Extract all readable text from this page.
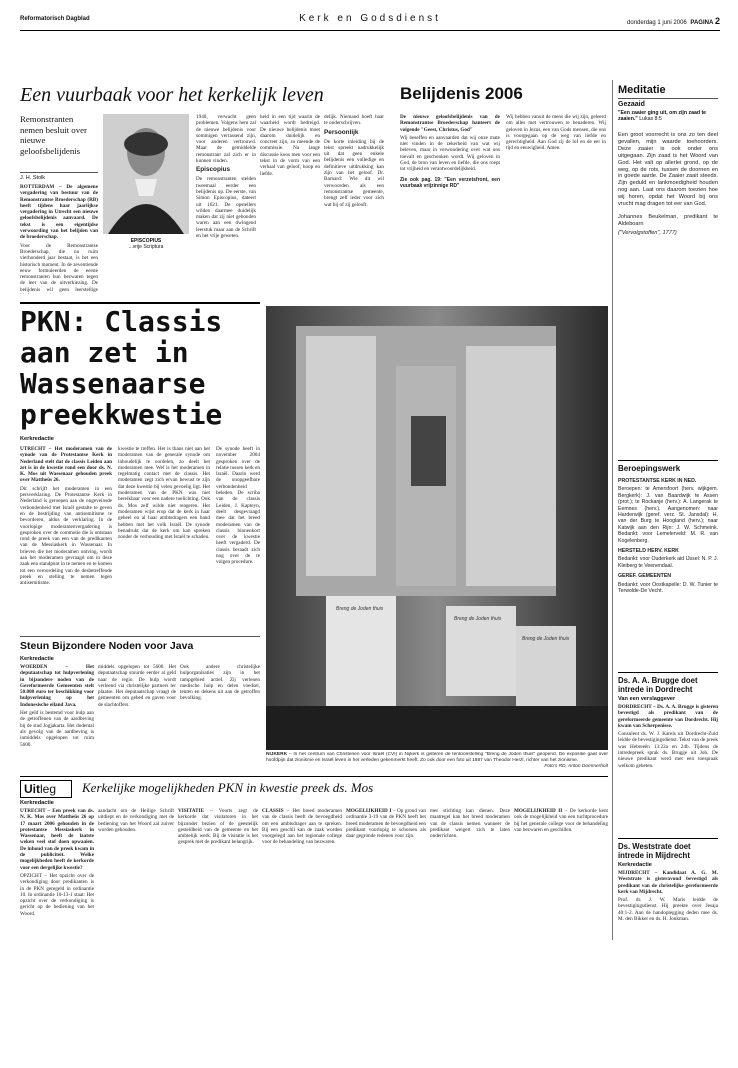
Reformatorisch Dagblad	Kerk en Godsdienst	donderdag 1 juni 2006 PAGINA 2
Een vuurbaak voor het kerkelijk leven
Remonstranten nemen besluit over nieuwe geloofsbelijdenis
J. H. Stolk

ROTTERDAM – De algemene vergadering van bestuur van de Remonstrantse Broederschap (RB) heeft tijdens haar jaarlijkse vergadering in Utrecht een nieuwe geloofsbelijdenis aanvaard. De tekst is een eigentijdse verwoording van het belijden van de broederschap.

Voor de Remonstrantse Broederschap, die nu ruim vierhonderd jaar bestaat, is het een historisch moment. In de zeventiende eeuw formuleerden de eerste remonstranten hun bezwaren tegen de leer van de uitverkiezing. De belijdenis wil geen leerstellige

EPISCOPIUS
...vrije Scriptura

1940, verwacht geen problemen. Volgens hem zal de nieuwe belijdenis voor sommigen verrassend zijn, voor anderen vertrouwd. Maar de gemiddelde remonstrant zal zich er in kunnen vinden.

Episcopius

De remonstranten stelden tweemaal eerder een belijdenis op. De eerste, van Simon Episcopius, dateert uit 1621. De opstellers wilden daarmee duidelijk maken dat zij niet gebonden waren aan een dwingend leerstuk maar aan de Schrift en het vrije geweten.

heid in een tijd waarin de waarheid wordt bedreigd. De nieuwe belijdenis moet daarom duidelijk en concreet zijn, zo meende de commissie. Na lange discussie koos men voor een tekst in de vorm van een verhaal van geloof, hoop en liefde.

delijk. Niemand hoeft haar te onderschrijven.

Persoonlijk

De korte inleiding bij de tekst spreekt nadrukkelijk uit dat geen enkele belijdenis een volledige en definitieve uitdrukking kan zijn van het geloof. Dr. Barnard: Wie dit wil verwoorden als een remonstrantse gemeente, brengt zelf ieder voor zich wat bij of zij gelooft.

Belijdenis 2006

De nieuwe geloofsbelijdenis van de Remonstrantse Broederschap hanteert de volgende "Geest, Christus, God"

Wij beseffen en aanvaarden dat wij onze mate niet vinden in de zekerheid van wat wij beleven, maar in verwondering over wat ons toevalt en geschonken wordt. Wij geloven in God, de bron van leven en liefde, die ons roept tot vrijheid en verantwoordelijkheid.

Zie ook pag. 19: "Een verzetsfront, een vuurbaak vrijzinnige RD"

Wij hebben vanuit de mens die wij zijn, geleerd om alles met vertrouwen te benaderen. Wij geloven in Jezus, een van Gods mensen, die ons is voorgegaan op de weg van liefde en gerechtigheid. Aan God zij de lof en de eer in tijd en eeuwigheid. Amen.

PKN: Classis aan zet in Wassenaarse preekkwestie
Kerkredactie

UTRECHT – Het moderamen van de synode van de Protestantse Kerk in Nederland stelt dat de classis Leiden aan zet is in de kwestie rond een door ds. N. K. Mos uit Wassenaar gehouden preek over Mattheüs 26.

Dit schrijft het moderamen in een persverklaring. De Protestantse Kerk in Nederland is geroepen aan de ongeveinsde verbondenheid met Israël gestalte te geven en de bestrijding van antisemitisme te bevorderen, aldus de verklaring. In de voorlopige moderamenvergadering is gesproken over de commotie die is ontstaan rond de preek van een van de predikanten van de Messiaskerk in Wassenaar. In brieven die het moderamen ontving, wordt aan het moderamen gevraagd om in deze zaak een standpunt in te nemen en te komen tot een veroordeling van de desbetreffende preek en stelling te nemen tegen antisemitisme.

kwestie te treffen. Het is thans niet aan het moderamen van de generale synode om inhoudelijk te oordelen, zo deelt het moderamen mee. Wel is het moderamen in regelmatig contact met de classis. Het moderamen zegt zich ervan bewust te zijn dat deze kwestie bij velen gevoelig ligt. Het moderamen van de PKN was niet bereikbaar voor een nadere toelichting. Ook ds. Mos zelf wilde niet reageren. Het moderamen wijst erop dat de kerk in haar geheel en al haar ambtsdragers een band hebben met het volk Israël. De synode benadrukt dat de kerk om kan spreken zonder de verhouding met Israël te schaden.

De synode heeft in november 2004 gesproken over de relatie tussen kerk en Israël. Daarin werd de onopgeefbare verbondenheid beleden. De scriba van de classis Leiden, J. Kapteyn, deelt desgevraagd mee dat het breed moderamen van de classis binnenkort over de kwestie heeft vergaderd. De classis beraadt zich nog over de te volgen procedure.

Steun Bijzondere Noden voor Java
Kerkredactie

WOERDEN – Het deputaatschap tot hulpverlening in bijzondere noden van de Gereformeerde Gemeenten stelt 50.000 euro ter beschikking voor hulpverlening op het Indonesische eiland Java.

Het geld is bestemd voor hulp aan de getroffenen van de aardbeving bij de stad Jogjakarta. Het dodental als gevolg van de aardbeving is inmiddels opgelopen tot ruim 5600.

middels opgelopen tot 5600. Het deputaatschap stuurde eerder al geld naar de regio. De hulp wordt verleend via christelijke partners ter plaatse. Het deputaatschap vraagt de gemeenten om gebed en gaven voor de slachtoffers.

Ook andere christelijke hulporganisaties zijn in het rampgebied actief. Zij verlenen medische hulp en delen voedsel, tenten en dekens uit aan de getroffen bevolking.

Breng de Joden thuis
Breng de Joden thuis
Breng de Joden thuis
NIJKERK – In het centrum van Christenen voor Israël (CVI) in Nijkerk is gisteren de tentoonstelling "Breng de Joden thuis" geopend. De expositie gaat over hoofdpijn dat zionisme en Israël leven in het verleden gekenmerkt heeft. Zo ook door een foto uit 1887 van Theodor Herzl, richter van het zionisme.
Foto's RD, Anton Dommerholt
Uitleg	Kerkelijke mogelijkheden PKN in kwestie preek ds. Mos
Kerkredactie

UTRECHT – Een preek van ds. N. K. Mos over Mattheüs 26 op 17 maart 2006 gehouden in de protestantse Messiaskerk in Wassenaar, heeft de laatste weken veel stof doen opwaaien. De inhoud van de preek kwam in de publiciteit. Welke mogelijkheden heeft de kerkorde voor een dergelijke kwestie?

OPZICHT – Het opzicht over de verkondiging door predikanten is in de PKN geregeld in ordinantie 10. In ordinantie 10-13-1 staat: Het opzicht over de verkondiging is gericht op de bediening van het Woord.

aandacht om de Heilige Schrift uitdiept en de verkondiging met de bediening van het Woord zal zuiver worden gehouden.

VISITATIE – Voorts zegt de kerkorde dat visitatoren in het bijzonder bezien of de geestelijk gesteldheid van de gemeente en het ambtelijk werk. Bij de visitatie is het gesprek met de predikant belangrijk.

CLASSIS – Het breed moderamen van de classis heeft de bevoegdheid om een ambtsdrager aan te spreken. Bij een geschil kan de zaak worden voorgelegd aan het regionale college voor de behandeling van bezwaren.

MOGELIJKHEID I – Op grond van ordinantie 3-19 van de PKN heeft het breed moderamen de bevoegdheid een predikant voorlopig te schorsen als daar gegronde redenen voor zijn.

met stichting kan dienen. Deze maatregel kan het breed moderamen van de classis nemen wanneer de predikant weigert zich te laten onderrichten.

MOGELIJKHEID II – De kerkorde kent ook de mogelijkheid van een tuchtprocedure bij het generale college voor de behandeling van bezwaren en geschillen.

Meditatie
Gezaaid
"Een zaaier ging uit, om zijn zaad te zaaien." Lukas 8:5

Een groot voorrecht is ons zo ten deel gevallen, mijn waarde toehoorders. Deze zaaier is ook onder ons uitgegaan. Zijn zaad is het Woord van God. Het valt op allerlei grond, op de weg, op de rots, tussen de doornen en in goede aarde. De Zaaier zaait steeds. Zijn geduld en lankmoedigheid houden nog aan. Laat ons daarom toezien hoe wij horen, opdat het Woord bij ons vrucht mag dragen tot eer van God.

Johannes Beukelman, predikant te Aldeboarn

("Vervolgstoffen", 1777)

Beroepingswerk

PROTESTANTSE KERK IN NED.

Beroepen: te Amersfoort (herv. wijkgem. Bergkerk): J. van Baardwijk te Assen (prot.); te Rockanje (herv.): A. Langerak te Eemnes (herv.). Aangenomen: naar Harderwijk (geref. verz. St. Jansdal): H. van der Burg te Hoogland (herv.); naar Katwijk aan den Rijn: J. W. Schmeink. Bedankt: voor Lemelerveld: M. R. van Kogelenberg.

HERSTELD HERV. KERK

Bedankt: voor Ouderkerk aid IJssel: N. P. J. Kleiberg te Veenendaal.

GEREF. GEMEENTEN

Bedankt: voor Oostkapelle: D. W. Tunier te Terwolde-De Vecht.

Ds. A. A. Brugge doet intrede in Dordrecht
Van een verslaggever

DORDRECHT – Ds. A. A. Brugge is gisteren bevestigd als predikant van de gereformeerde gemeente van Dordrecht. Hij kwam van Scherpenisse.

Consulent ds. W. J. Karels uit Dordrecht-Zuid leidde de bevestigingsdienst. Tekst van de preek was Hebreeën 13:22a en 24b. Tijdens de intredepreek sprak ds. Brugge uit Job. De nieuwe predikant werd met een toespraak welkom geheten.

Ds. Weststrate doet intrede in Mijdrecht
Kerkredactie

MIJDRECHT – Kandidaat A. G. M. Weststrate is gisteravond bevestigd als predikant van de christelijke gereformeerde kerk van Mijdrecht.

Prof. dr. J. W. Maris leidde de bevestigingsdienst. Hij preekte over Jesaja 40:1-2. Aan de handoplegging deden mee ds. M. den Bikker en ds. H. Jonkman.
